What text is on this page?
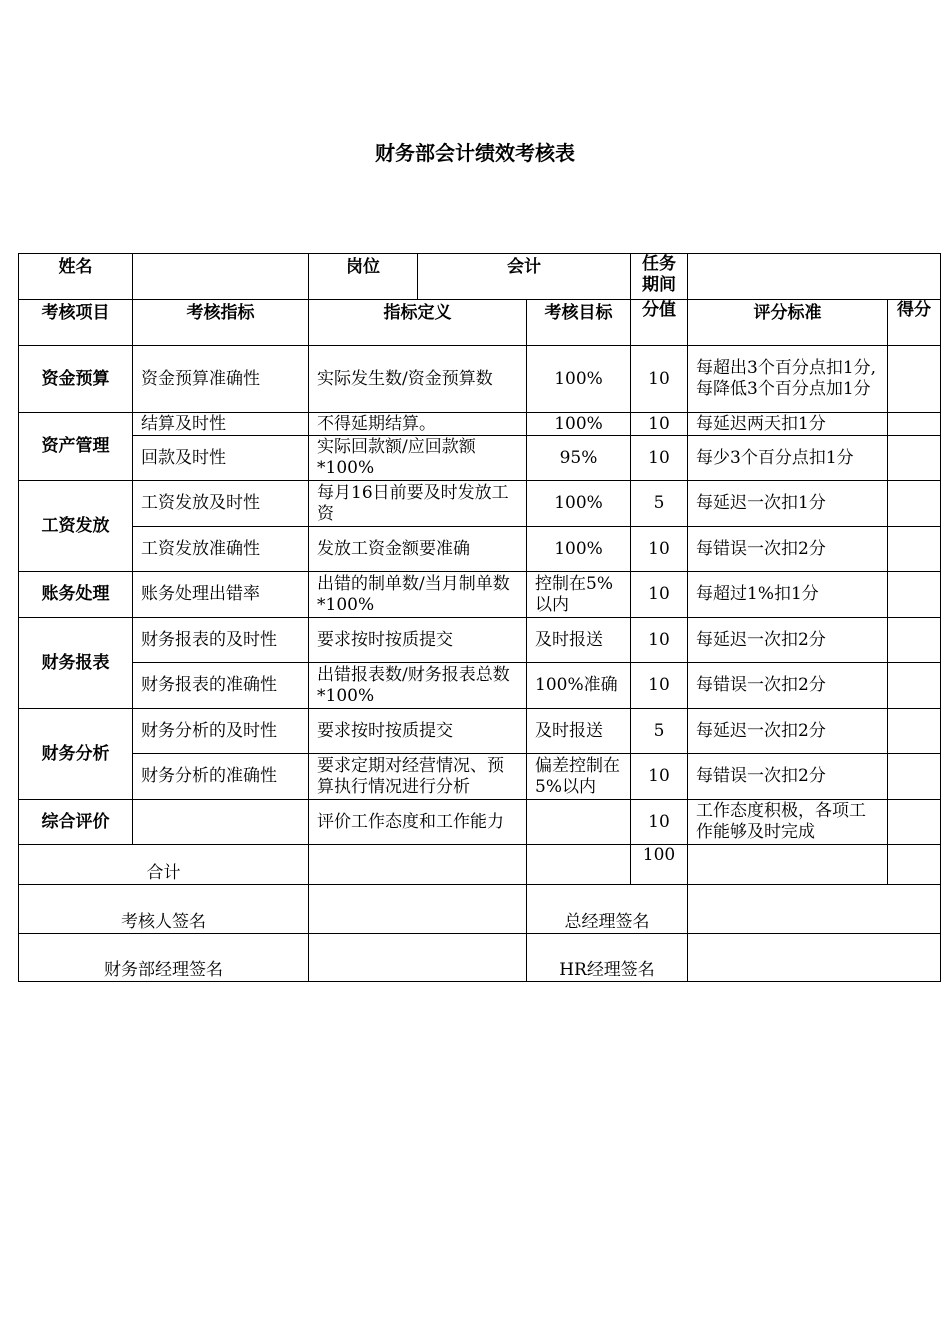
财务部会计绩效考核表
姓名		岗位	会计		任务期间		
考核项目	考核指标	指标定义		考核目标	分值	评分标准	得分
资金预算	资金预算准确性	实际发生数/资金预算数		100%	10	每超出3个百分点扣1分,每降低3个百分点加1分	
资产管理	结算及时性	不得延期结算。		100%	10	每延迟两天扣1分	
	回款及时性	实际回款额/应回款额*100%		95%	10	每少3个百分点扣1分	
工资发放	工资发放及时性	每月16日前要及时发放工资		100%	5	每延迟一次扣1分	
	工资发放准确性	发放工资金额要准确		100%	10	每错误一次扣2分	
账务处理	账务处理出错率	出错的制单数/当月制单数*100%		控制在5%以内	10	每超过1%扣1分	
财务报表	财务报表的及时性	要求按时按质提交		及时报送	10	每延迟一次扣2分	
	财务报表的准确性	出错报表数/财务报表总数*100%		100%准确	10	每错误一次扣2分	
财务分析	财务分析的及时性	要求按时按质提交		及时报送	5	每延迟一次扣2分	
	财务分析的准确性	要求定期对经营情况、预算执行情况进行分析		偏差控制在5%以内	10	每错误一次扣2分	
综合评价		评价工作态度和工作能力			10	工作态度积极，各项工作能够及时完成	
合计					100		
考核人签名				总经理签名			
财务部经理签名				HR经理签名			
